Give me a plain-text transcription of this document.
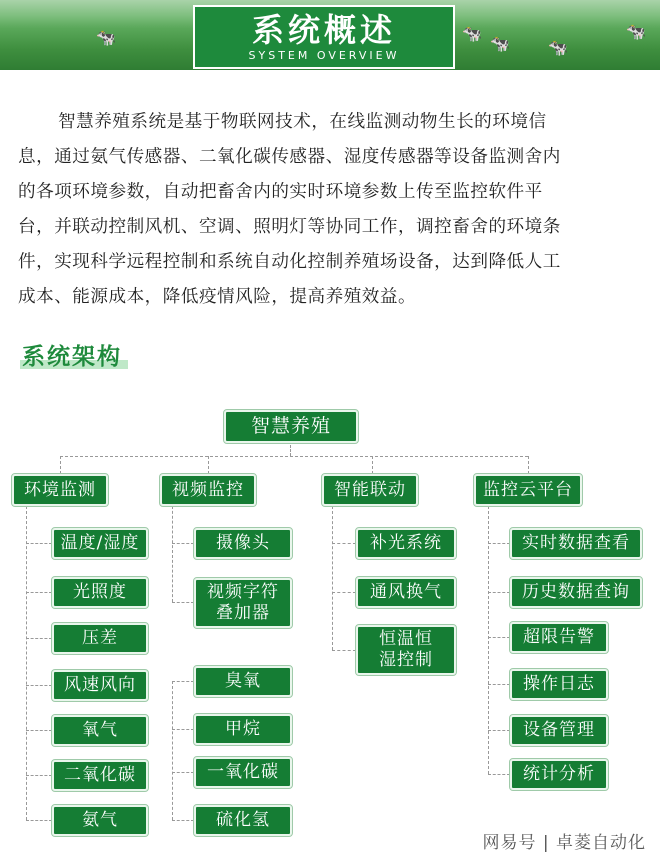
🐄	🐄
🐄 🐄
🐄
系统概述
SYSTEM OVERVIEW
智慧养殖系统是基于物联网技术，在线监测动物生长的环境信
息，通过氨气传感器、二氧化碳传感器、湿度传感器等设备监测舍内
的各项环境参数，自动把畜舍内的实时环境参数上传至监控软件平
台，并联动控制风机、空调、照明灯等协同工作，调控畜舍的环境条
件，实现科学远程控制和系统自动化控制养殖场设备，达到降低人工
成本、能源成本，降低疫情风险，提高养殖效益。
系统架构
智慧养殖
环境监测	视频监控	智能联动	监控云平台
温度/湿度
光照度
压差
风速风向
氧气
二氧化碳
氨气
摄像头
视频字符叠加器
臭氧
甲烷
一氧化碳
硫化氢
补光系统
通风换气
恒温恒湿控制
实时数据查看
历史数据查询
超限告警
操作日志
设备管理
统计分析
网易号 | 卓菱自动化
